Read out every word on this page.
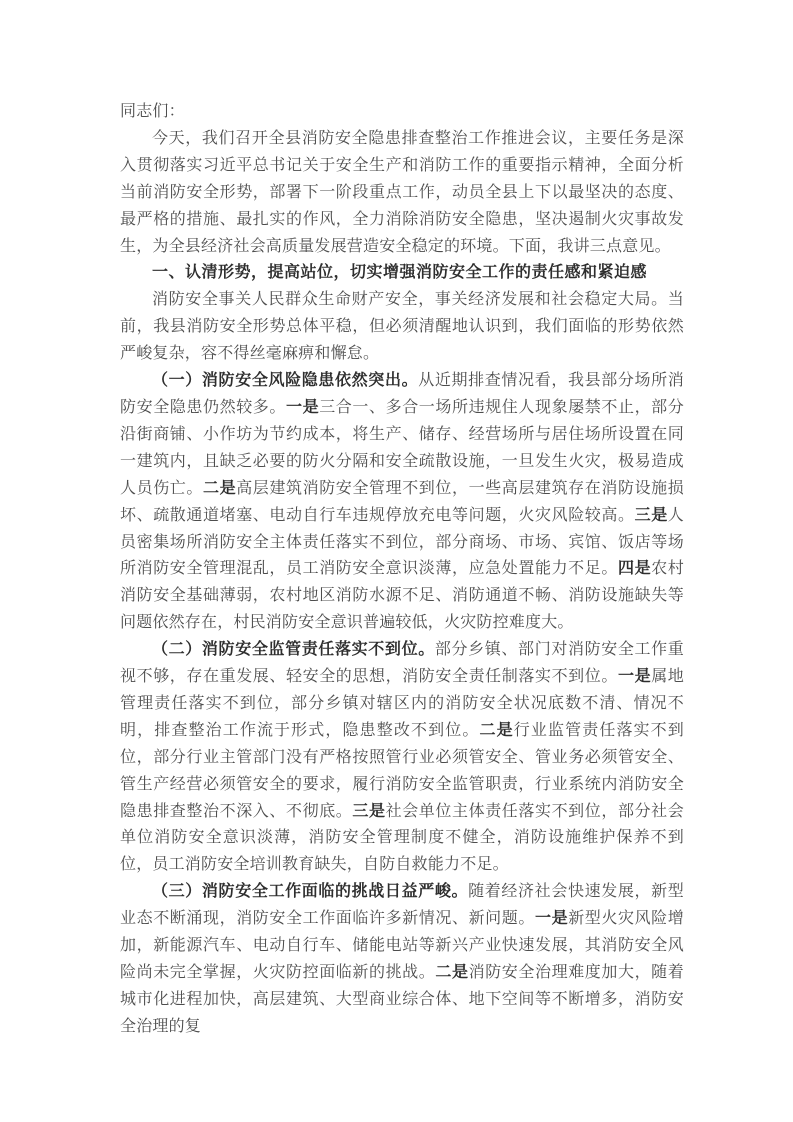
同志们：

今天，我们召开全县消防安全隐患排查整治工作推进会议，主要任务是深入贯彻落实习近平总书记关于安全生产和消防工作的重要指示精神，全面分析当前消防安全形势，部署下一阶段重点工作，动员全县上下以最坚决的态度、最严格的措施、最扎实的作风，全力消除消防安全隐患，坚决遏制火灾事故发生，为全县经济社会高质量发展营造安全稳定的环境。下面，我讲三点意见。

一、认清形势，提高站位，切实增强消防安全工作的责任感和紧迫感

消防安全事关人民群众生命财产安全，事关经济发展和社会稳定大局。当前，我县消防安全形势总体平稳，但必须清醒地认识到，我们面临的形势依然严峻复杂，容不得丝毫麻痹和懈怠。

（一）消防安全风险隐患依然突出。从近期排查情况看，我县部分场所消防安全隐患仍然较多。一是三合一、多合一场所违规住人现象屡禁不止，部分沿街商铺、小作坊为节约成本，将生产、储存、经营场所与居住场所设置在同一建筑内，且缺乏必要的防火分隔和安全疏散设施，一旦发生火灾，极易造成人员伤亡。二是高层建筑消防安全管理不到位，一些高层建筑存在消防设施损坏、疏散通道堵塞、电动自行车违规停放充电等问题，火灾风险较高。三是人员密集场所消防安全主体责任落实不到位，部分商场、市场、宾馆、饭店等场所消防安全管理混乱，员工消防安全意识淡薄，应急处置能力不足。四是农村消防安全基础薄弱，农村地区消防水源不足、消防通道不畅、消防设施缺失等问题依然存在，村民消防安全意识普遍较低，火灾防控难度大。

（二）消防安全监管责任落实不到位。部分乡镇、部门对消防安全工作重视不够，存在重发展、轻安全的思想，消防安全责任制落实不到位。一是属地管理责任落实不到位，部分乡镇对辖区内的消防安全状况底数不清、情况不明，排查整治工作流于形式，隐患整改不到位。二是行业监管责任落实不到位，部分行业主管部门没有严格按照管行业必须管安全、管业务必须管安全、管生产经营必须管安全的要求，履行消防安全监管职责，行业系统内消防安全隐患排查整治不深入、不彻底。三是社会单位主体责任落实不到位，部分社会单位消防安全意识淡薄，消防安全管理制度不健全，消防设施维护保养不到位，员工消防安全培训教育缺失，自防自救能力不足。

（三）消防安全工作面临的挑战日益严峻。随着经济社会快速发展，新型业态不断涌现，消防安全工作面临许多新情况、新问题。一是新型火灾风险增加，新能源汽车、电动自行车、储能电站等新兴产业快速发展，其消防安全风险尚未完全掌握，火灾防控面临新的挑战。二是消防安全治理难度加大，随着城市化进程加快，高层建筑、大型商业综合体、地下空间等不断增多，消防安全治理的复
